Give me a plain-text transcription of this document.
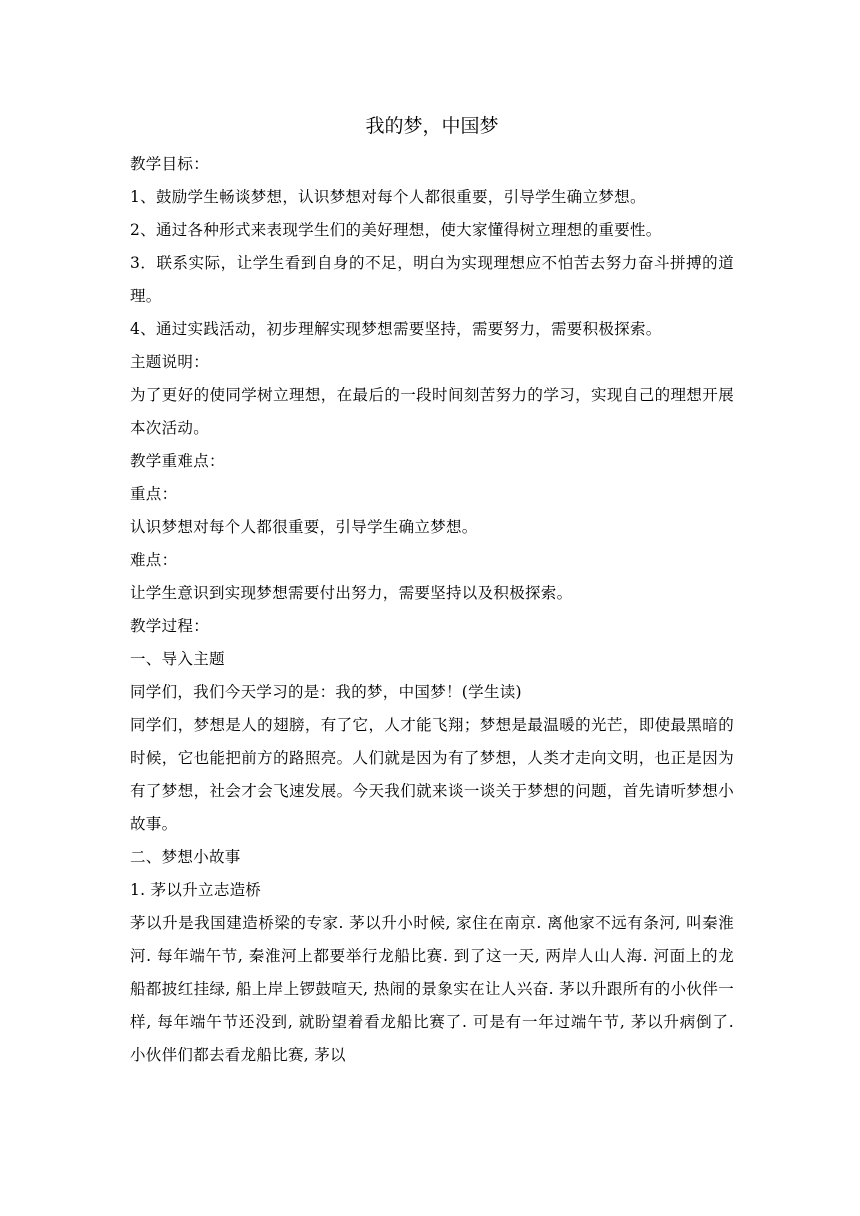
我的梦，中国梦

教学目标：

1、鼓励学生畅谈梦想，认识梦想对每个人都很重要，引导学生确立梦想。

2、通过各种形式来表现学生们的美好理想，使大家懂得树立理想的重要性。

3．联系实际，让学生看到自身的不足，明白为实现理想应不怕苦去努力奋斗拼搏的道理。

4、通过实践活动，初步理解实现梦想需要坚持，需要努力，需要积极探索。

主题说明：

为了更好的使同学树立理想，在最后的一段时间刻苦努力的学习，实现自己的理想开展本次活动。

教学重难点：

重点：

认识梦想对每个人都很重要，引导学生确立梦想。

难点：

让学生意识到实现梦想需要付出努力，需要坚持以及积极探索。

教学过程：

一、导入主题

同学们，我们今天学习的是：我的梦，中国梦！(学生读)

同学们，梦想是人的翅膀，有了它，人才能飞翔；梦想是最温暖的光芒，即使最黑暗的时候，它也能把前方的路照亮。人们就是因为有了梦想，人类才走向文明，也正是因为有了梦想，社会才会飞速发展。今天我们就来谈一谈关于梦想的问题，首先请听梦想小故事。

二、梦想小故事

1. 茅以升立志造桥

茅以升是我国建造桥梁的专家. 茅以升小时候, 家住在南京. 离他家不远有条河, 叫秦淮河. 每年端午节, 秦淮河上都要举行龙船比赛. 到了这一天, 两岸人山人海. 河面上的龙船都披红挂绿, 船上岸上锣鼓喧天, 热闹的景象实在让人兴奋. 茅以升跟所有的小伙伴一样, 每年端午节还没到, 就盼望着看龙船比赛了. 可是有一年过端午节, 茅以升病倒了. 小伙伴们都去看龙船比赛, 茅以
